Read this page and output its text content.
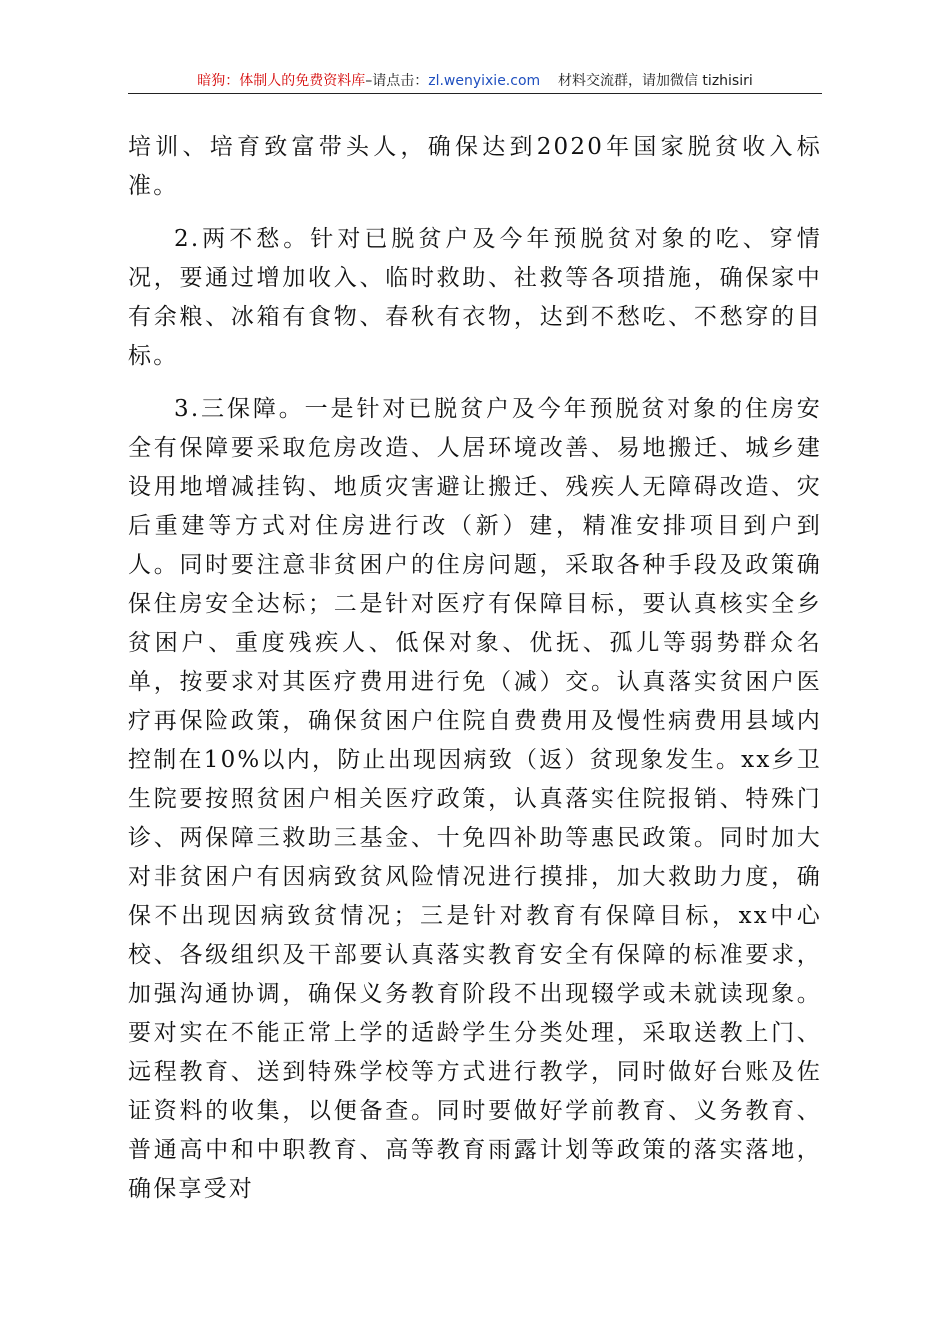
暗狗：体制人的免费资料库–请点击：zl.wenyixie.com 材料交流群，请加微信 tizhisiri

培训、培育致富带头人，确保达到2020年国家脱贫收入标准。

2.两不愁。针对已脱贫户及今年预脱贫对象的吃、穿情况，要通过增加收入、临时救助、社救等各项措施，确保家中有余粮、冰箱有食物、春秋有衣物，达到不愁吃、不愁穿的目标。

3.三保障。一是针对已脱贫户及今年预脱贫对象的住房安全有保障要采取危房改造、人居环境改善、易地搬迁、城乡建设用地增减挂钩、地质灾害避让搬迁、残疾人无障碍改造、灾后重建等方式对住房进行改（新）建，精准安排项目到户到人。同时要注意非贫困户的住房问题，采取各种手段及政策确保住房安全达标；二是针对医疗有保障目标，要认真核实全乡贫困户、重度残疾人、低保对象、优抚、孤儿等弱势群众名单，按要求对其医疗费用进行免（减）交。认真落实贫困户医疗再保险政策，确保贫困户住院自费费用及慢性病费用县域内控制在10%以内，防止出现因病致（返）贫现象发生。xx乡卫生院要按照贫困户相关医疗政策，认真落实住院报销、特殊门诊、两保障三救助三基金、十免四补助等惠民政策。同时加大对非贫困户有因病致贫风险情况进行摸排，加大救助力度，确保不出现因病致贫情况；三是针对教育有保障目标，xx中心校、各级组织及干部要认真落实教育安全有保障的标准要求，加强沟通协调，确保义务教育阶段不出现辍学或未就读现象。要对实在不能正常上学的适龄学生分类处理，采取送教上门、远程教育、送到特殊学校等方式进行教学，同时做好台账及佐证资料的收集，以便备查。同时要做好学前教育、义务教育、普通高中和中职教育、高等教育雨露计划等政策的落实落地，确保享受对
